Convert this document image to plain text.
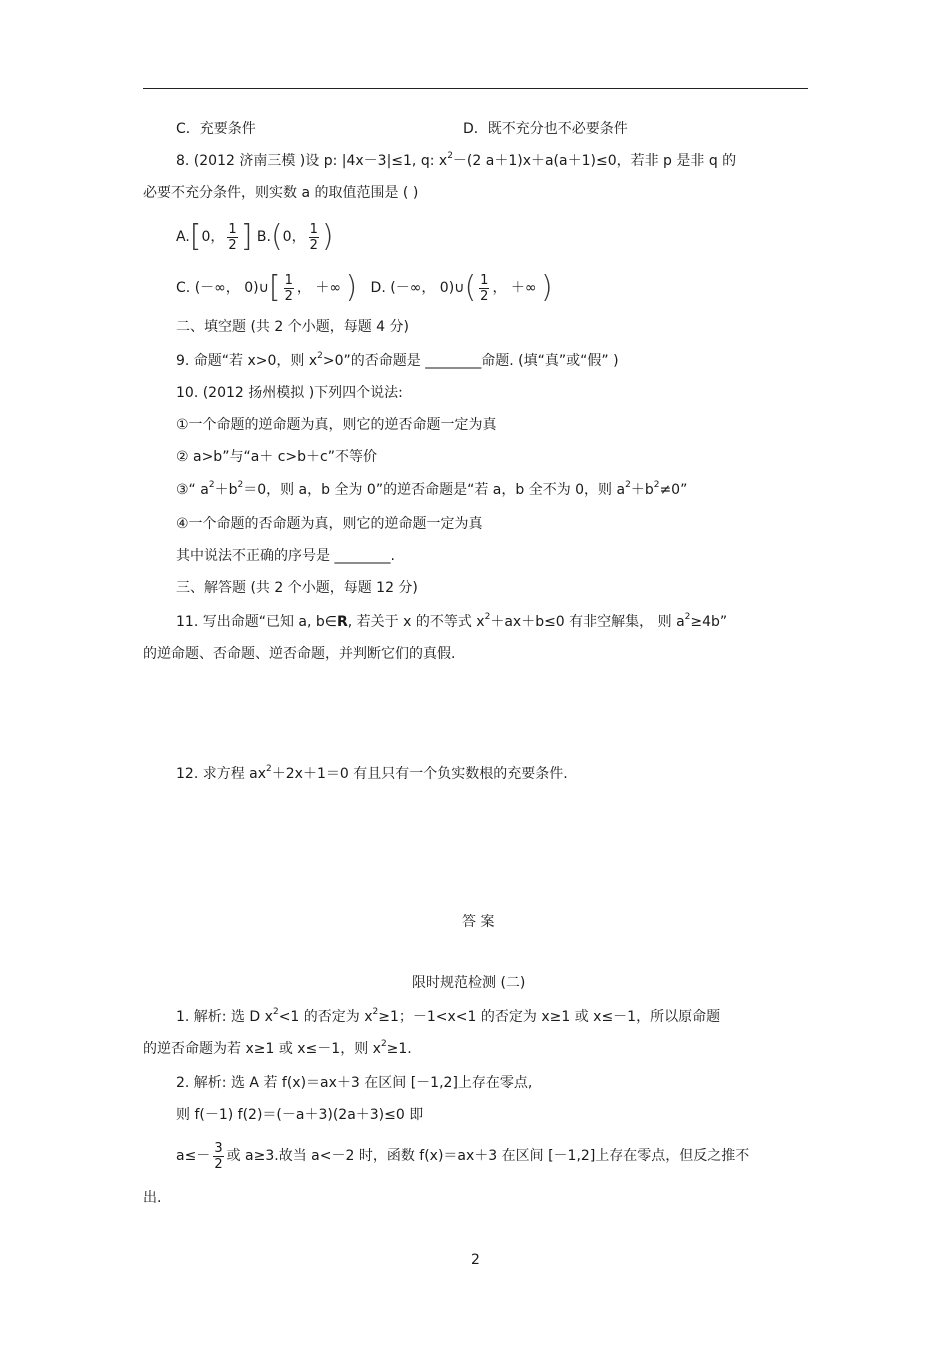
C．充要条件	D．既不充分也不必要条件
8. (2012 济南三模 )设 p: |4x－3|≤1, q: $x^2-(2$ a＋1)x＋a(a＋1)≤0，若非 p 是非 q 的
必要不充分条件，则实数 a 的取值范围是 ( )
A.[0， $\frac{1}{2}$ ] B.(0， $\frac{1}{2}$ )
C. (－∞， 0)∪[ $\frac{1}{2}$ ， ＋∞ ) D. (－∞， 0)∪( $\frac{1}{2}$ ， ＋∞ )
二、填空题 (共 2 个小题，每题 4 分)
9. 命题“若 x>0，则 $x^2>0$”的否命题是 ________命题. (填“真”或“假” )
10. (2012 扬州模拟 )下列四个说法:
①一个命题的逆命题为真，则它的逆否命题一定为真
② a>b”与“a＋ c>b＋c”不等价
③“ $a^2+b^2=0$，则 a，b 全为 0”的逆否命题是“若 a，b 全不为 0，则 $a^2+b^2\ne 0$”
④一个命题的否命题为真，则它的逆命题一定为真
其中说法不正确的序号是 ________.
三、解答题 (共 2 个小题，每题 12 分)
11. 写出命题“已知 a, b∈R, 若关于 x 的不等式 $x^2+ax+b\le 0$ 有非空解集， 则 $a^2\ge 4b$”
的逆命题、否命题、逆否命题，并判断它们的真假.
12. 求方程 $ax^2+2x+1=0$ 有且只有一个负实数根的充要条件.
答 案
限时规范检测 (二)
1. 解析: 选 D $x^2<1$ 的否定为 $x^2\ge 1$；－1<x<1 的否定为 x≥1 或 x≤－1，所以原命题
的逆否命题为若 x≥1 或 x≤－1，则 $x^2\ge 1$.
2. 解析: 选 A 若 f(x)＝ax＋3 在区间 [－1,2]上存在零点,
则 f(－1) f(2)＝(－a＋3)(2a＋3)≤0 即
$a\le- \frac{3}{2}$ 或 a≥3.故当 a<－2 时，函数 f(x)＝ax＋3 在区间 [－1,2]上存在零点，但反之推不
出.
2
